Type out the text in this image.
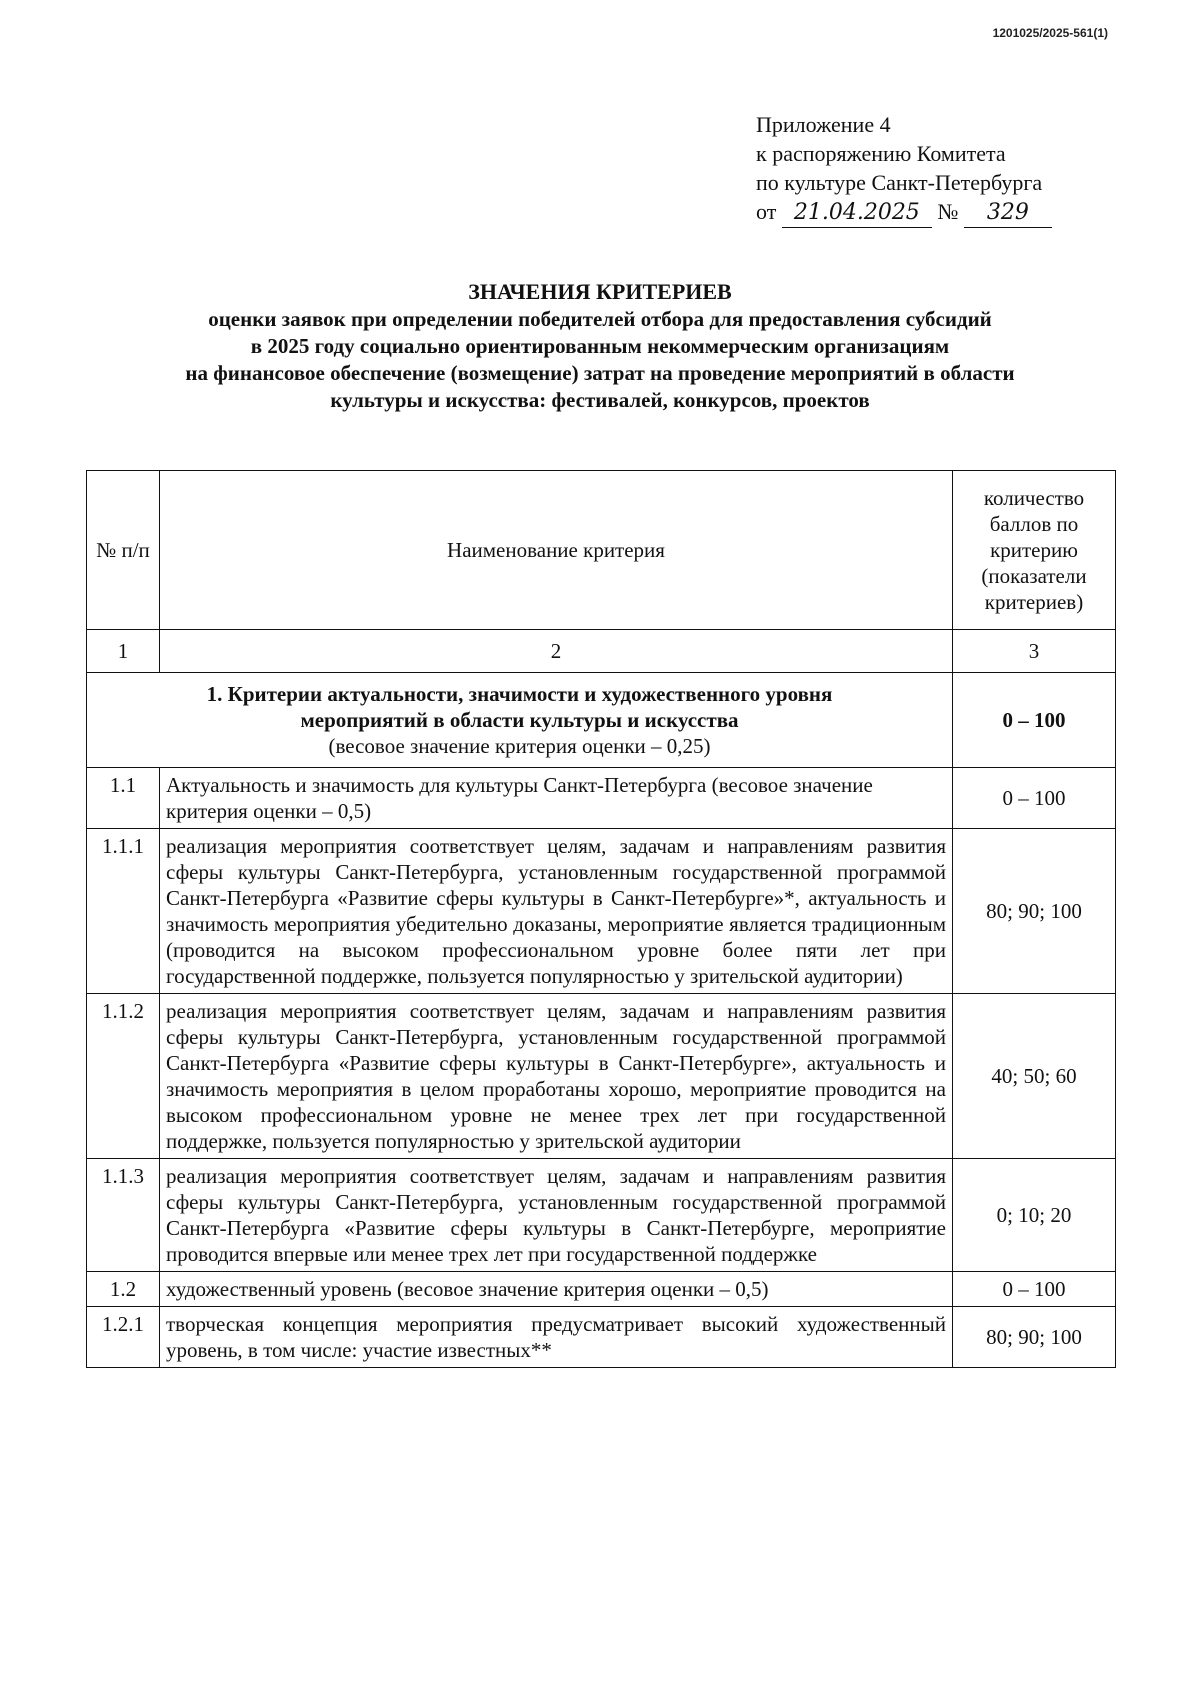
1201025/2025-561(1)
Приложение 4
к распоряжению Комитета
по культуре Санкт-Петербурга
от 21.04.2025 № 329
ЗНАЧЕНИЯ КРИТЕРИЕВ
оценки заявок при определении победителей отбора для предоставления субсидий
в 2025 году социально ориентированным некоммерческим организациям
на финансовое обеспечение (возмещение) затрат на проведение мероприятий в области
культуры и искусства: фестивалей, конкурсов, проектов
№ п/п	Наименование критерия	количество баллов по критерию (показатели критериев)
1	2	3

1. Критерии актуальности, значимости и художественного уровня
мероприятий в области культуры и искусства
(весовое значение критерия оценки – 0,25)		0 – 100
1.1	Актуальность и значимость для культуры Санкт-Петербурга (весовое значение критерия оценки – 0,5)	0 – 100
1.1.1	реализация мероприятия соответствует целям, задачам и направлениям развития сферы культуры Санкт-Петербурга, установленным государственной программой Санкт-Петербурга «Развитие сферы культуры в Санкт-Петербурге»*, актуальность и значимость мероприятия убедительно доказаны, мероприятие является традиционным (проводится на высоком профессиональном уровне более пяти лет при государственной поддержке, пользуется популярностью у зрительской аудитории)	80; 90; 100
1.1.2	реализация мероприятия соответствует целям, задачам и направлениям развития сферы культуры Санкт-Петербурга, установленным государственной программой Санкт-Петербурга «Развитие сферы культуры в Санкт-Петербурге», актуальность и значимость мероприятия в целом проработаны хорошо, мероприятие проводится на высоком профессиональном уровне не менее трех лет при государственной поддержке, пользуется популярностью у зрительской аудитории	40; 50; 60
1.1.3	реализация мероприятия соответствует целям, задачам и направлениям развития сферы культуры Санкт-Петербурга, установленным государственной программой Санкт-Петербурга «Развитие сферы культуры в Санкт-Петербурге, мероприятие проводится впервые или менее трех лет при государственной поддержке	0; 10; 20
1.2	художественный уровень (весовое значение критерия оценки – 0,5)	0 – 100
1.2.1	творческая концепция мероприятия предусматривает высокий художественный уровень, в том числе: участие известных**	80; 90; 100
